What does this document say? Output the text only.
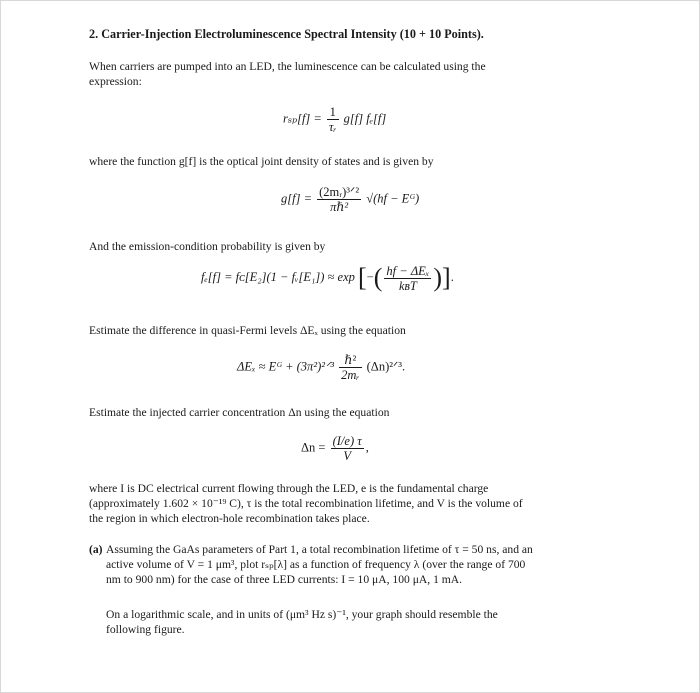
2. Carrier-Injection Electroluminescence Spectral Intensity (10 + 10 Points).
When carriers are pumped into an LED, the luminescence can be calculated using the
expression:
$r_{sp}[f] = \frac{1}{\text{τᵣ}} g[f]$ fₑ[f]
where the function g[f] is the optical joint density of states and is given by
$g[f] = \frac{\text{(2mᵣ)³ᐟ²}}{\text{πℏ²}} √(hf$ − Eᴳ)
And the emission-condition probability is given by
fₑ[f] = fᴄ[E₂](1 − fᵥ[E₁]) ≈ exp [−( $\frac{\text{hf − ΔEₓ}}{\text{kʙT}}$ )].
Estimate the difference in quasi-Fermi levels ΔEₓ using the equation
ΔEₓ ≈ Eᴳ + (3π²)²ᐟ³ $\frac{\text{ℏ²}}{\text{2mᵣ}}$ (Δn)²ᐟ³.
Estimate the injected carrier concentration Δn using the equation
$\Delta n = \frac{(I/e) \tau}{V}$ ,
where I is DC electrical current flowing through the LED, e is the fundamental charge
(approximately 1.602 × 10⁻¹⁹ C), τ is the total recombination lifetime, and V is the volume of
the region in which electron-hole recombination takes place.
(a) Assuming the GaAs parameters of Part 1, a total recombination lifetime of τ = 50 ns, and an
active volume of V = 1 μm³, plot rₛₚ[λ] as a function of frequency λ (over the range of 700
nm to 900 nm) for the case of three LED currents: I = 10 μA, 100 μA, 1 mA.
On a logarithmic scale, and in units of (μm³ Hz s)⁻¹, your graph should resemble the
following figure.
